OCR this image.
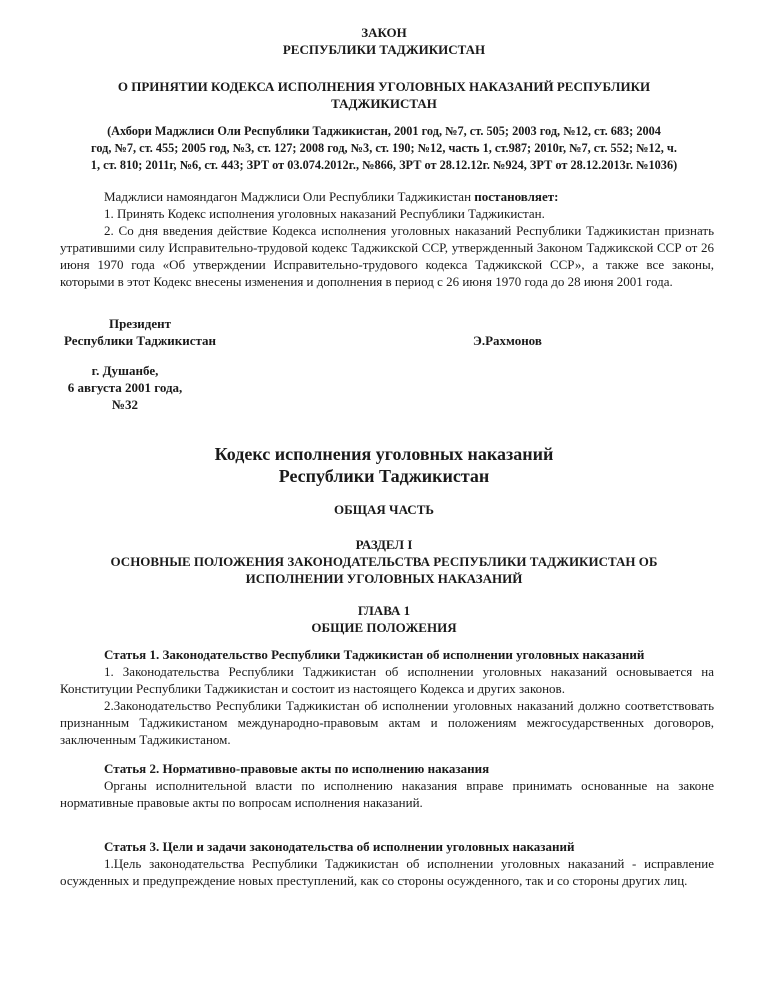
ЗАКОН
РЕСПУБЛИКИ ТАДЖИКИСТАН
О ПРИНЯТИИ КОДЕКСА ИСПОЛНЕНИЯ УГОЛОВНЫХ НАКАЗАНИЙ РЕСПУБЛИКИ
ТАДЖИКИСТАН
(Ахбори Маджлиси Оли Республики Таджикистан, 2001 год, №7, ст. 505; 2003 год, №12, ст. 683; 2004
год, №7, ст. 455; 2005 год, №3, ст. 127; 2008 год, №3, ст. 190; №12, часть 1, ст.987; 2010г, №7, ст. 552; №12, ч.
1, ст. 810; 2011г, №6, ст. 443; ЗРТ от 03.074.2012г., №866, ЗРТ от 28.12.12г. №924, ЗРТ от 28.12.2013г. №1036)

Маджлиси намояндагон Маджлиси Оли Республики Таджикистан постановляет:

1. Принять Кодекс исполнения уголовных наказаний Республики Таджикистан.

2. Со дня введения действие Кодекса исполнения уголовных наказаний Республики Таджикистан признать утратившими силу Исправительно-трудовой кодекс Таджикской ССР, утвержденный Законом Таджикской ССР от 26 июня 1970 года «Об утверждении Исправительно-трудового кодекса Таджикской ССР», а также все законы, которыми в этот Кодекс внесены изменения и дополнения в период с 26 июня 1970 года до 28 июня 2001 года.

Президент
Республики Таджикистан	Э.Рахмонов
г. Душанбе,
6 августа 2001 года,
№32
Кодекс исполнения уголовных наказаний
Республики Таджикистан
ОБЩАЯ ЧАСТЬ
РАЗДЕЛ I
ОСНОВНЫЕ ПОЛОЖЕНИЯ ЗАКОНОДАТЕЛЬСТВА РЕСПУБЛИКИ ТАДЖИКИСТАН ОБ
ИСПОЛНЕНИИ УГОЛОВНЫХ НАКАЗАНИЙ
ГЛАВА 1
ОБЩИЕ ПОЛОЖЕНИЯ

Статья 1. Законодательство Республики Таджикистан об исполнении уголовных наказаний

1. Законодательства Республики Таджикистан об исполнении уголовных наказаний основывается на Конституции Республики Таджикистан и состоит из настоящего Кодекса и других законов.

2.Законодательство Республики Таджикистан об исполнении уголовных наказаний должно соответствовать признанным Таджикистаном международно-правовым актам и положениям межгосударственных договоров, заключенным Таджикистаном.

Статья 2. Нормативно-правовые акты по исполнению наказания

Органы исполнительной власти по исполнению наказания вправе принимать основанные на законе нормативные правовые акты по вопросам исполнения наказаний.

Статья 3. Цели и задачи законодательства об исполнении уголовных наказаний

1.Цель законодательства Республики Таджикистан об исполнении уголовных наказаний - исправление осужденных и предупреждение новых преступлений, как со стороны осужденного, так и со стороны других лиц.
